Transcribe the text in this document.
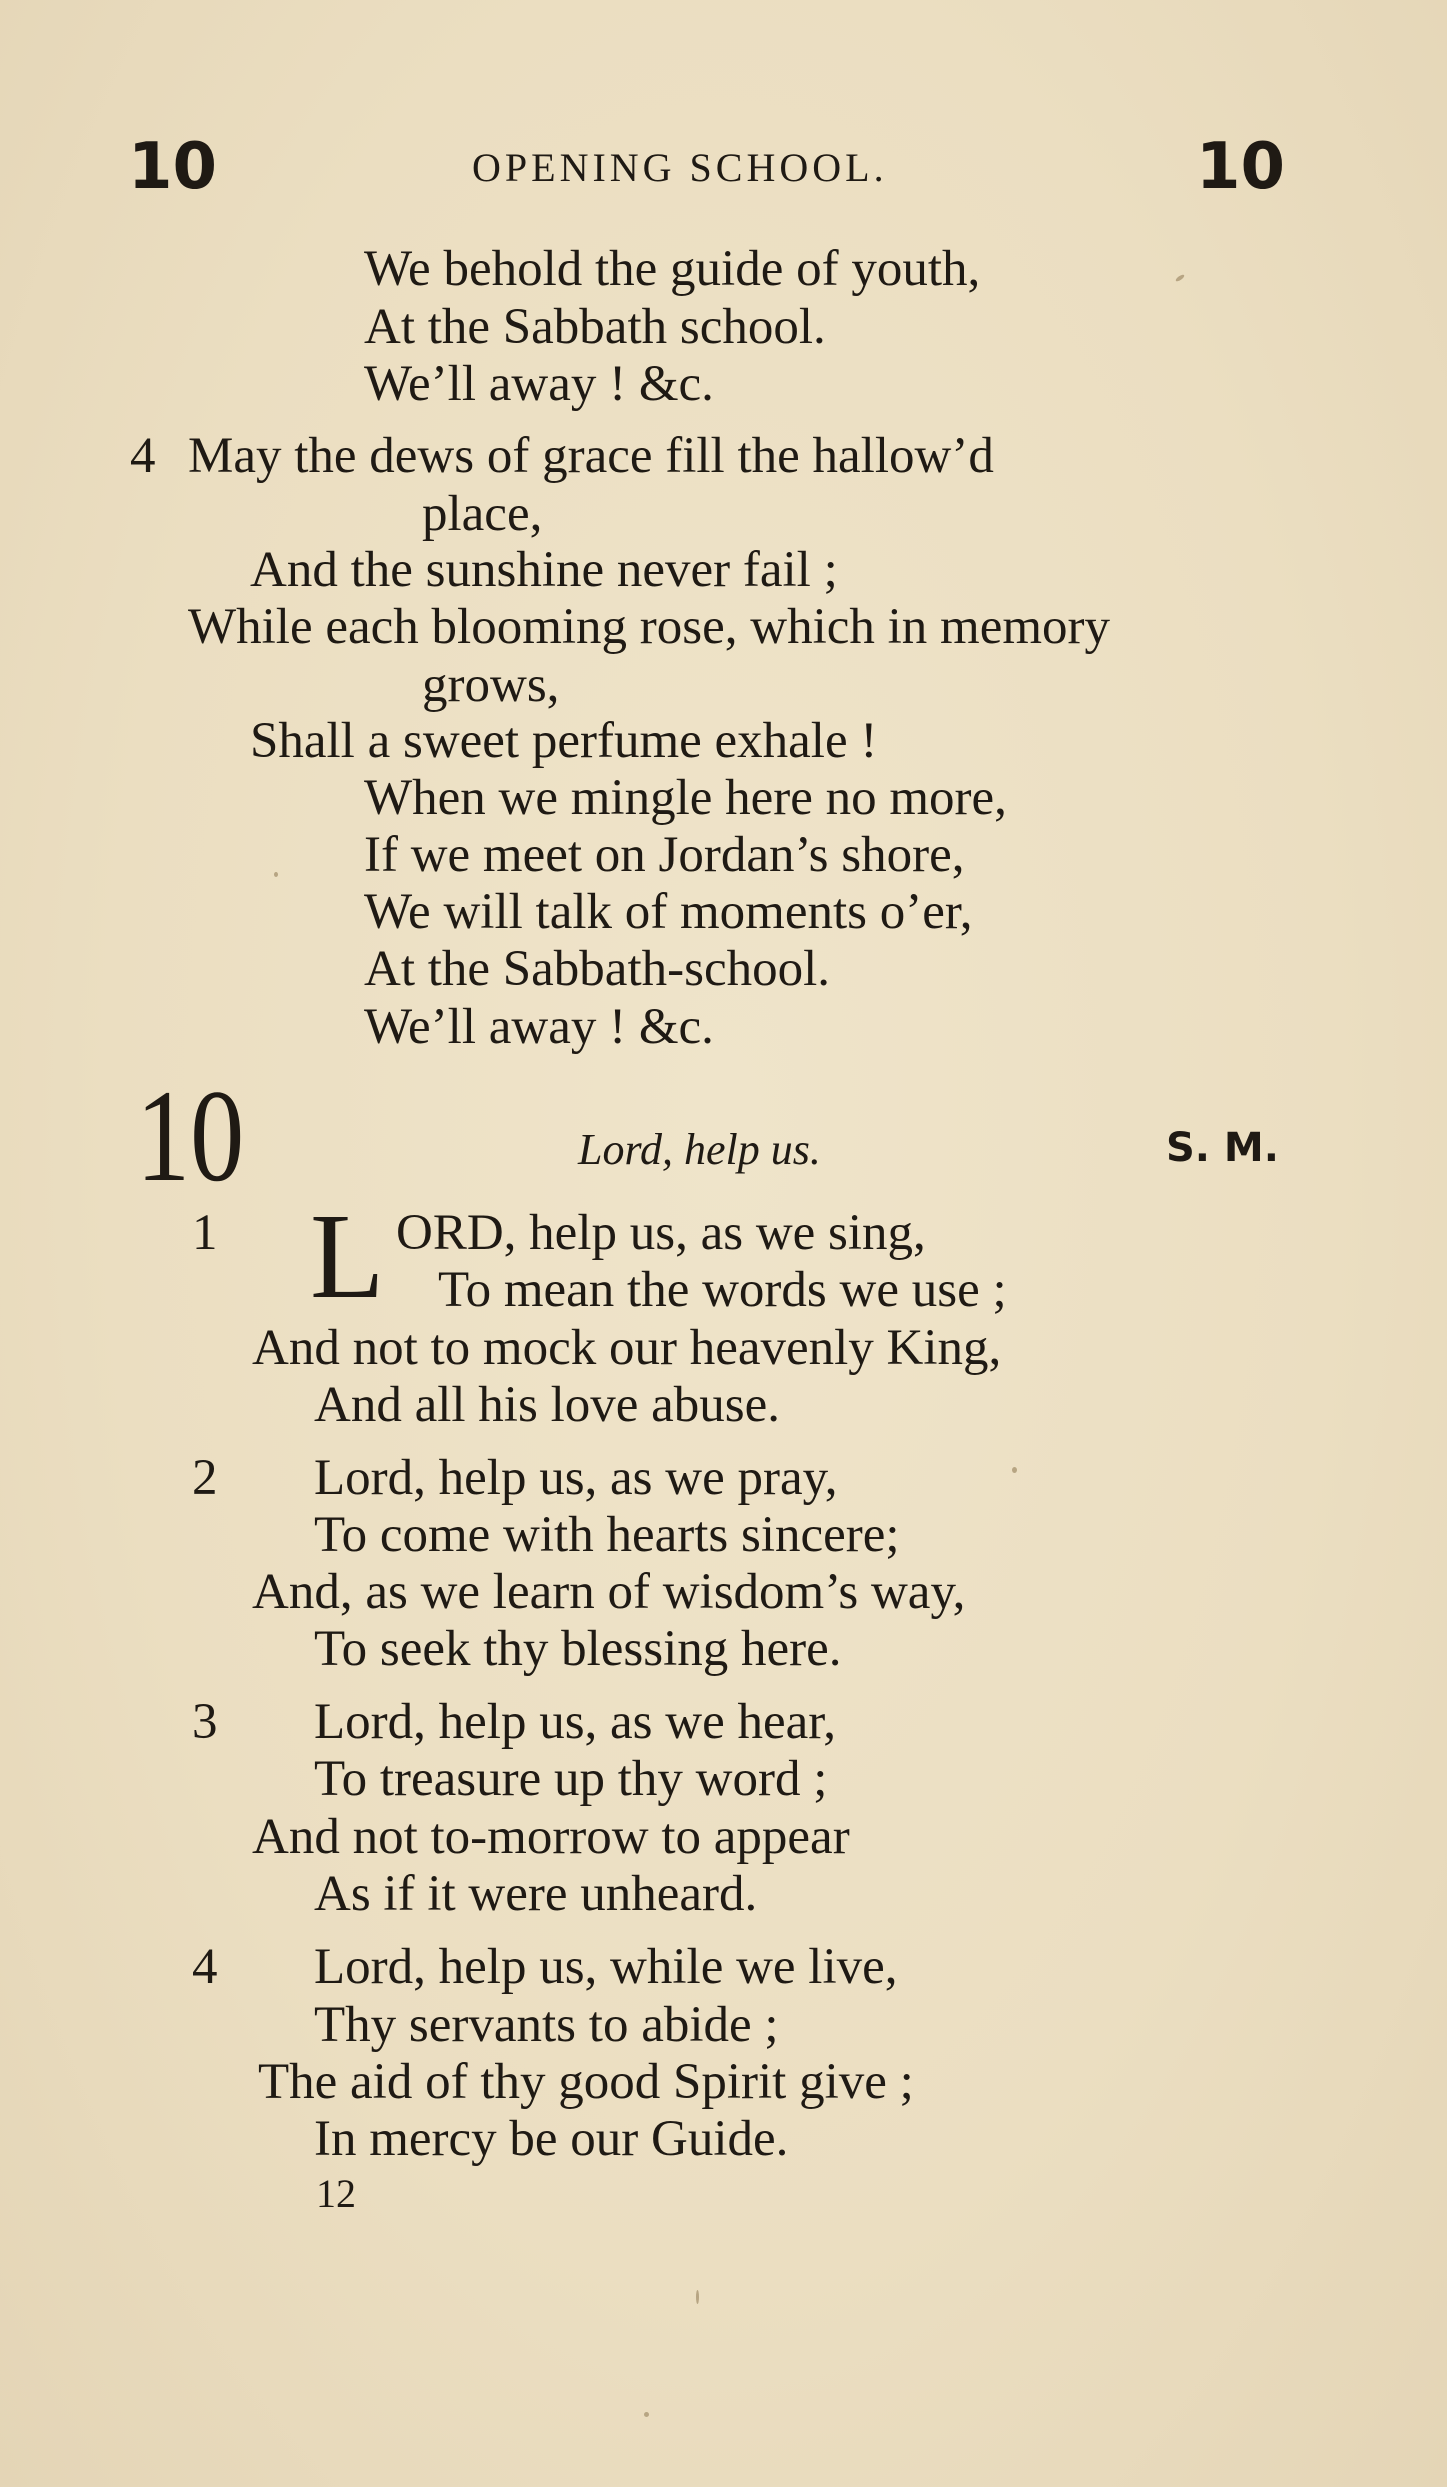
10	OPENING SCHOOL.	10
We behold the guide of youth,
At the Sabbath school.
We’ll away ! &c.
4 May the dews of grace fill the hallow’d
place,
And the sunshine never fail ;
While each blooming rose, which in memory
grows,
Shall a sweet perfume exhale !
When we mingle here no more,
If we meet on Jordan’s shore,
We will talk of moments o’er,
At the Sabbath-school.
We’ll away ! &c.
10	Lord, help us.	S. M.
1 L ORD, help us, as we sing,
To mean the words we use ;
And not to mock our heavenly King,
And all his love abuse.
2 Lord, help us, as we pray,
To come with hearts sincere;
And, as we learn of wisdom’s way,
To seek thy blessing here.
3 Lord, help us, as we hear,
To treasure up thy word ;
And not to-morrow to appear
As if it were unheard.
4 Lord, help us, while we live,
Thy servants to abide ;
The aid of thy good Spirit give ;
In mercy be our Guide.
12
